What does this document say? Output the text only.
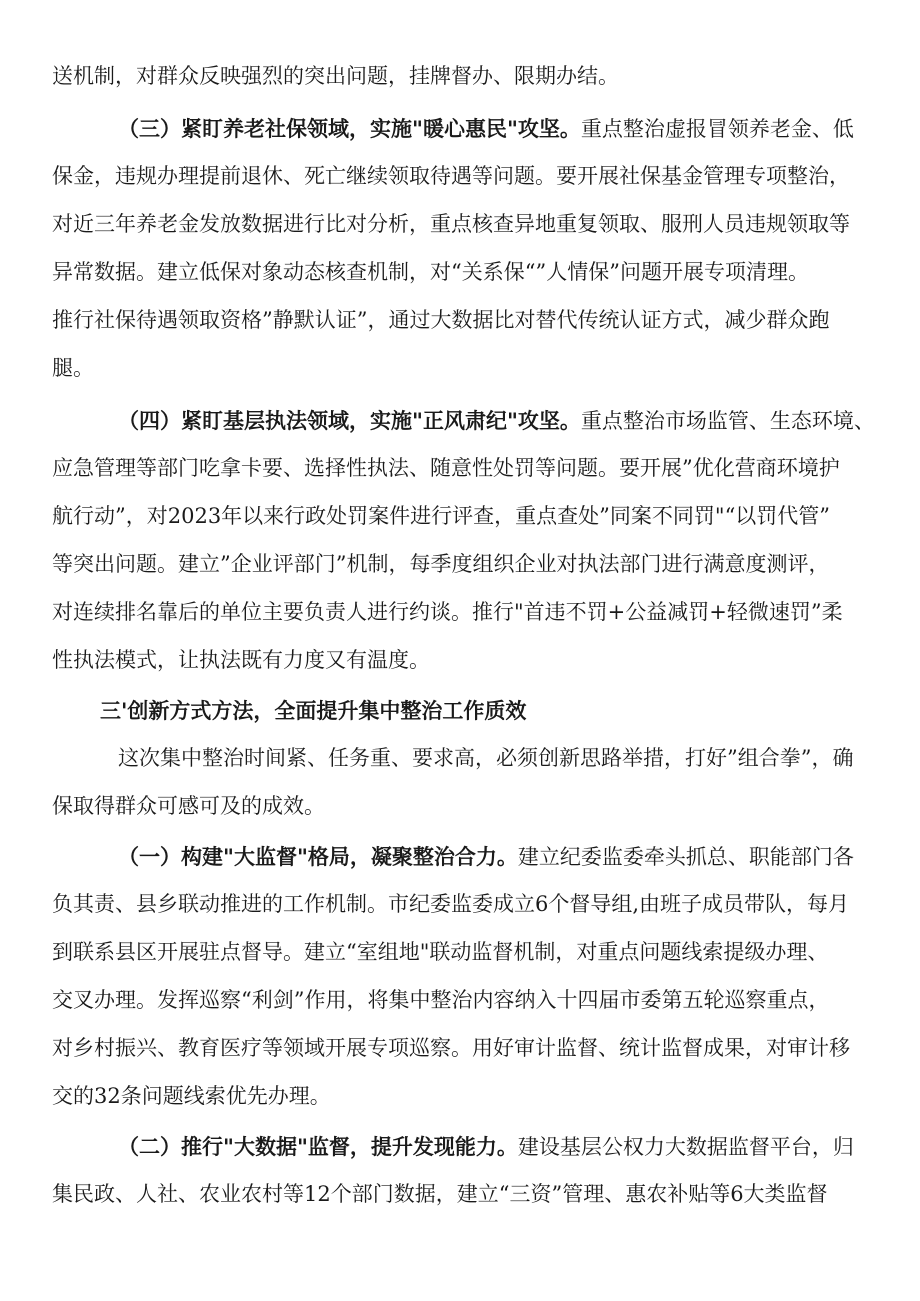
送机制，对群众反映强烈的突出问题，挂牌督办、限期办结。
（三）紧盯养老社保领域，实施"暖心惠民"攻坚。重点整治虚报冒领养老金、低
保金，违规办理提前退休、死亡继续领取待遇等问题。要开展社保基金管理专项整治，
对近三年养老金发放数据进行比对分析，重点核查异地重复领取、服刑人员违规领取等
异常数据。建立低保对象动态核查机制，对“关系保“”人情保”问题开展专项清理。
推行社保待遇领取资格”静默认证”，通过大数据比对替代传统认证方式，减少群众跑
腿。
（四）紧盯基层执法领域，实施"正风肃纪"攻坚。重点整治市场监管、生态环境、
应急管理等部门吃拿卡要、选择性执法、随意性处罚等问题。要开展”优化营商环境护
航行动”，对2023年以来行政处罚案件进行评查，重点查处”同案不同罚"“以罚代管”
等突出问题。建立”企业评部门”机制，每季度组织企业对执法部门进行满意度测评，
对连续排名靠后的单位主要负责人进行约谈。推行"首违不罚+公益减罚+轻微速罚”柔
性执法模式，让执法既有力度又有温度。
三'创新方式方法，全面提升集中整治工作质效
这次集中整治时间紧、任务重、要求高，必须创新思路举措，打好”组合拳”，确
保取得群众可感可及的成效。
（一）构建"大监督"格局，凝聚整治合力。建立纪委监委牵头抓总、职能部门各
负其责、县乡联动推进的工作机制。市纪委监委成立6个督导组,由班子成员带队，每月
到联系县区开展驻点督导。建立“室组地"联动监督机制，对重点问题线索提级办理、
交叉办理。发挥巡察“利剑”作用，将集中整治内容纳入十四届市委第五轮巡察重点，
对乡村振兴、教育医疗等领域开展专项巡察。用好审计监督、统计监督成果，对审计移
交的32条问题线索优先办理。
（二）推行"大数据"监督，提升发现能力。建设基层公权力大数据监督平台，归
集民政、人社、农业农村等12个部门数据，建立“三资”管理、惠农补贴等6大类监督
